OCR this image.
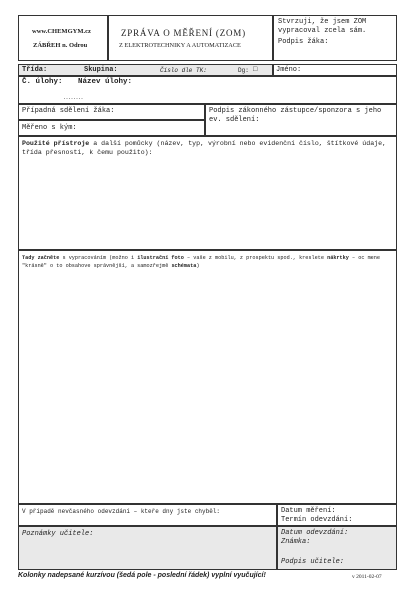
www.CHEMGYM.cz
ZÁBŘEH n. Odrou
ZPRÁVA O MĚŘENÍ (ZOM)
Z ELEKTROTECHNIKY A AUTOMATIZACE
Stvrzuji, že jsem ZOM vypracoval zcela sám.
Podpis žáka:
Třída:	Skupina:	Číslo dle TK:	Dg: □	Jméno:
Č. úlohy: Název úlohy:
........
Případná sdělení žáka:	Podpis zákonného zástupce/sponzora s jeho ev. sdělení:
Měřeno s kým:
Použité přístroje a další pomůcky (název, typ, výrobní nebo evidenční číslo, štítkové údaje, třída přesnosti, k čemu použito):
Tady začněte s vypracováním (možno i ilustrační foto – vaše z mobilu, z prospektu spod., kreslete nákrtky – oc mene "krásně" o to obsahove správnější, a samozřejmě schémata)
V případě nevčasného odevzdání – kteře dny jste chyběl:	Datum měření:
Termín odevzdání:
Poznámky učitele:	Datum odevzdání:
Známka:
Podpis učitele:
Kolonky nadepsané kurzívou (šedá pole - poslední řádek) vyplní vyučující!	v 2011-02-07
